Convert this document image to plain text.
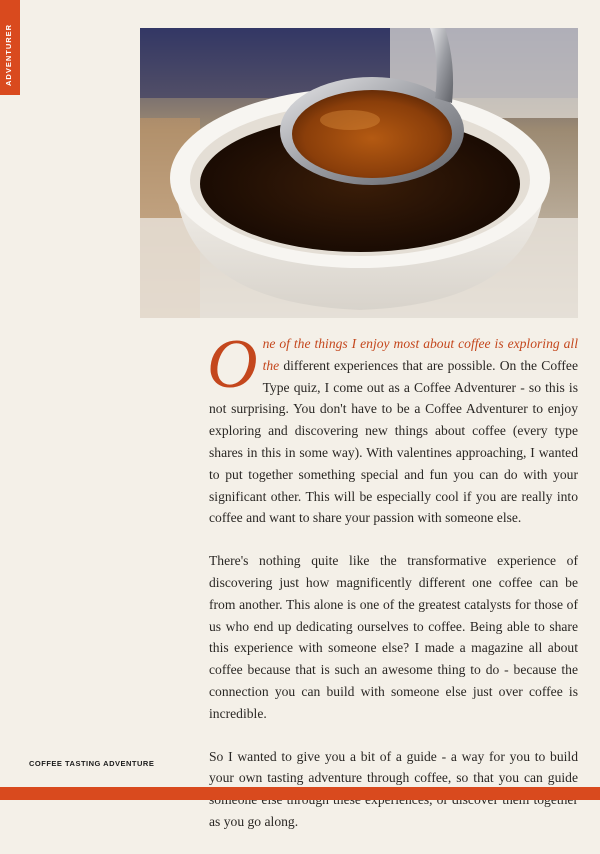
ADVENTURER

One of the things I enjoy most about coffee is exploring all the different experiences that are possible. On the Coffee Type quiz, I come out as a Coffee Adventurer - so this is not surprising. You don't have to be a Coffee Adventurer to enjoy exploring and discovering new things about coffee (every type shares in this in some way). With valentines approaching, I wanted to put together something special and fun you can do with your significant other. This will be especially cool if you are really into coffee and want to share your passion with someone else.

There's nothing quite like the transformative experience of discovering just how magnificently different one coffee can be from another. This alone is one of the greatest catalysts for those of us who end up dedicating ourselves to coffee. Being able to share this experience with someone else? I made a magazine all about coffee because that is such an awesome thing to do - because the connection you can build with someone else just over coffee is incredible.

So I wanted to give you a bit of a guide - a way for you to build your own tasting adventure through coffee, so that you can guide as you go along.

COFFEE TASTING ADVENTURE
